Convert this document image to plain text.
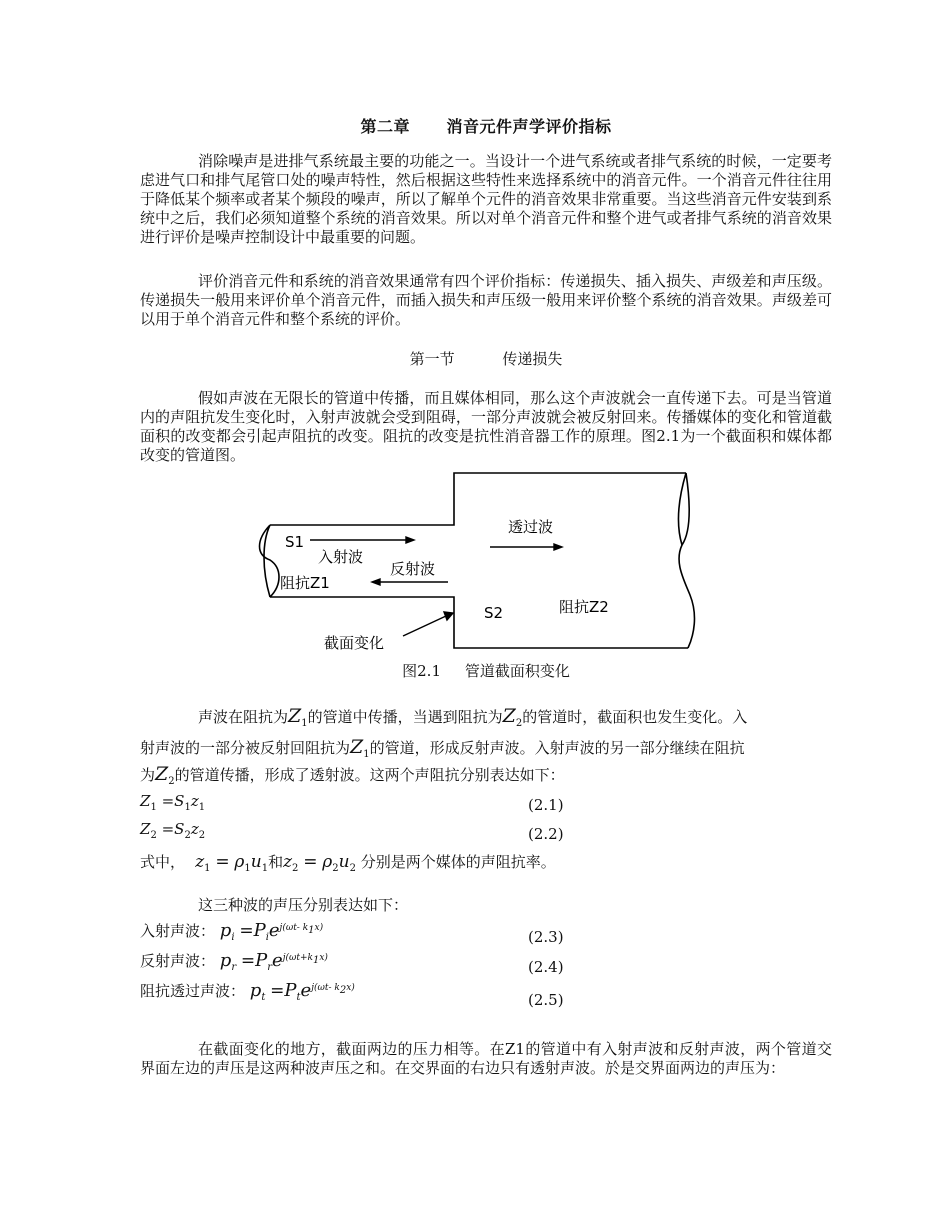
第二章      消音元件声学评价指标

消除噪声是进排气系统最主要的功能之一。当设计一个进气系统或者排气系统的时候，一定要考虑进气口和排气尾管口处的噪声特性，然后根据这些特性来选择系统中的消音元件。一个消音元件往往用于降低某个频率或者某个频段的噪声，所以了解单个元件的消音效果非常重要。当这些消音元件安装到系统中之后，我们必须知道整个系统的消音效果。所以对单个消音元件和整个进气或者排气系统的消音效果进行评价是噪声控制设计中最重要的问题。

评价消音元件和系统的消音效果通常有四个评价指标：传递损失、插入损失、声级差和声压级。传递损失一般用来评价单个消音元件，而插入损失和声压级一般用来评价整个系统的消音效果。声级差可以用于单个消音元件和整个系统的评价。

第一节          传递损失

假如声波在无限长的管道中传播，而且媒体相同，那么这个声波就会一直传递下去。可是当管道内的声阻抗发生变化时，入射声波就会受到阻碍，一部分声波就会被反射回来。传播媒体的变化和管道截面积的改变都会引起声阻抗的改变。阻抗的改变是抗性消音器工作的原理。图2.1为一个截面积和媒体都改变的管道图。

S1
入射波
阻抗Z1
反射波
透过波
S2	阻抗Z2
截面变化
图2.1     管道截面积变化
声波在阻抗为$Z_1$的管道中传播，当遇到阻抗为$Z_2$的管道时，截面积也发生变化。入
射声波的一部分被反射回阻抗为$Z_1$的管道，形成反射声波。入射声波的另一部分继续在阻抗
为$Z_2$的管道传播，形成了透射波。这两个声阻抗分别表达如下：
$Z_1 =S_1z_1$	(2.1)
$Z_2 =S_2z_2$	(2.2)
式中，  $z_1 = \rho_1u_1$和$z_2 = \rho_2u_2$ 分别是两个媒体的声阻抗率。
这三种波的声压分别表达如下：
入射声波： $p_i =P_ie^{j(\omega t- k_1x)}$	(2.3)
反射声波： $p_r =P_re^{j(\omega t+k_1x)}$	(2.4)
阻抗透过声波： $p_t =P_te^{j(\omega t- k_2x)}$
(2.5)

在截面变化的地方，截面两边的压力相等。在Z1的管道中有入射声波和反射声波，两个管道交界面左边的声压是这两种波声压之和。在交界面的右边只有透射声波。於是交界面两边的声压为：
